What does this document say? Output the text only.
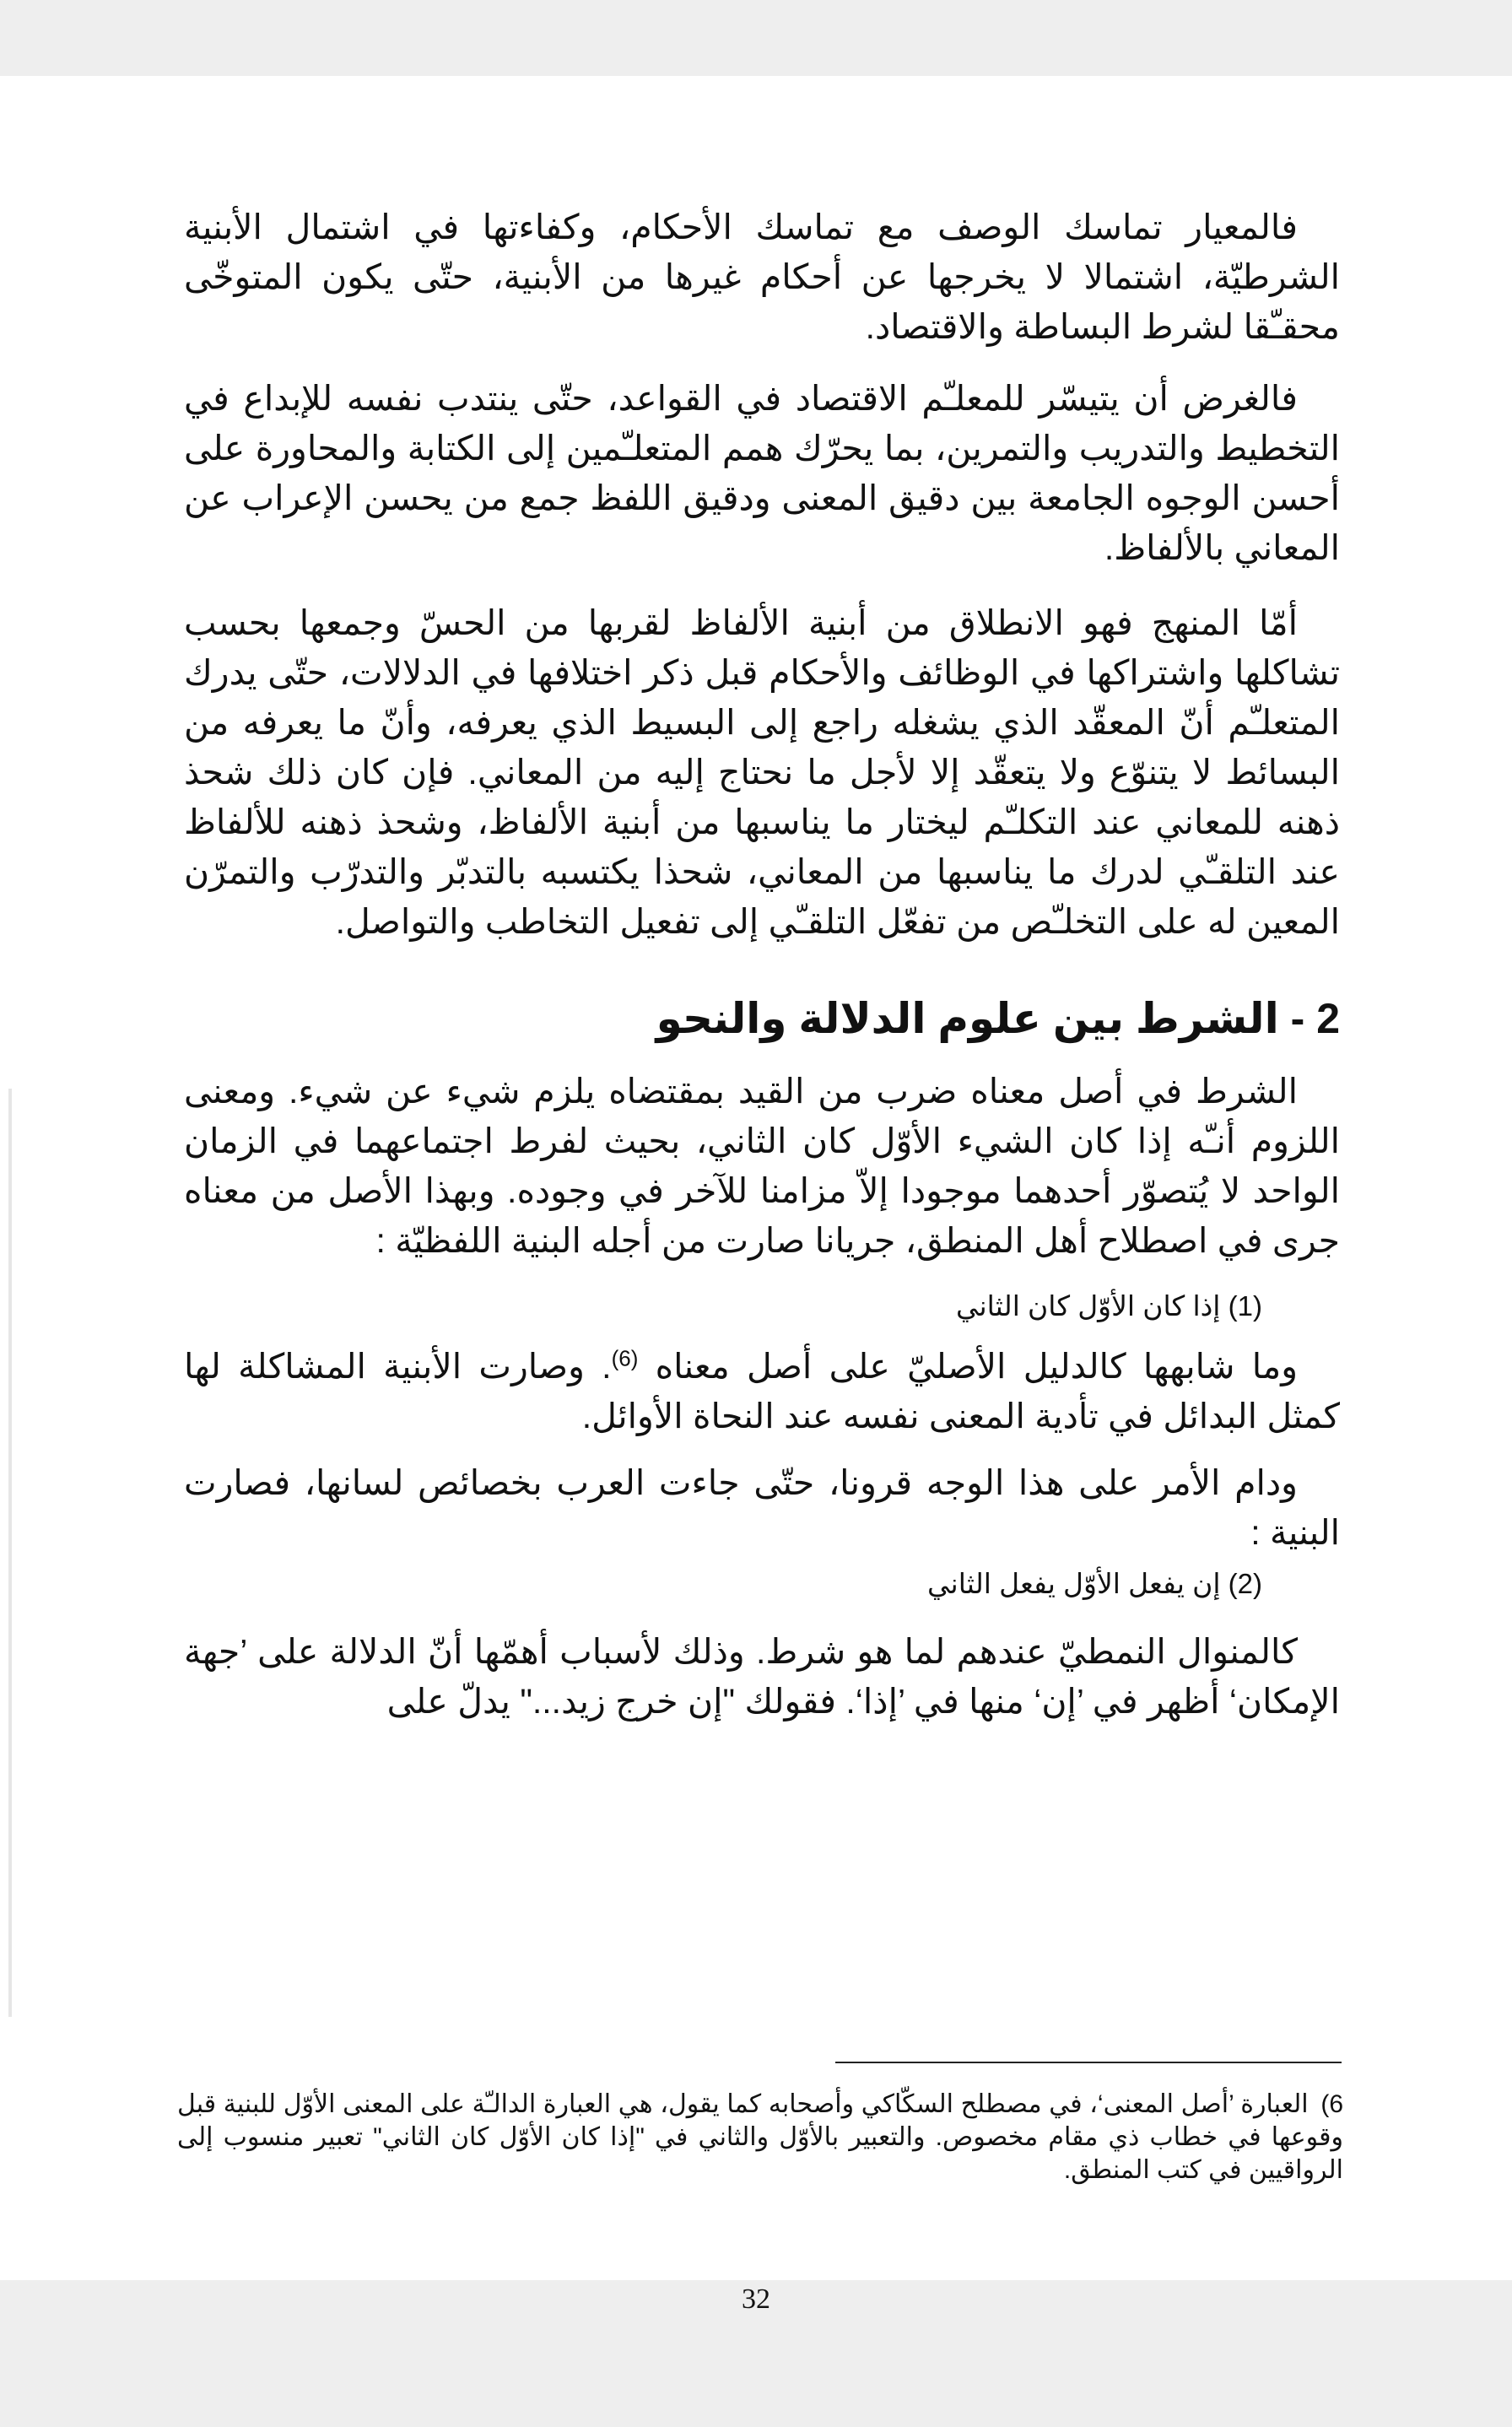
فالمعيار تماسك الوصف مع تماسك الأحكام، وكفاءتها في اشتمال الأبنية الشرطيّة، اشتمالا لا يخرجها عن أحكام غيرها من الأبنية، حتّى يكون المتوخّى محقـّقا لشرط البساطة والاقتصاد.

فالغرض أن يتيسّر للمعلـّم الاقتصاد في القواعد، حتّى ينتدب نفسه للإبداع في التخطيط والتدريب والتمرين، بما يحرّك همم المتعلـّمين إلى الكتابة والمحاورة على أحسن الوجوه الجامعة بين دقيق المعنى ودقيق اللفظ جمع من يحسن الإعراب عن المعاني بالألفاظ.

أمّا المنهج فهو الانطلاق من أبنية الألفاظ لقربها من الحسّ وجمعها بحسب تشاكلها واشتراكها في الوظائف والأحكام قبل ذكر اختلافها في الدلالات، حتّى يدرك المتعلـّم أنّ المعقّد الذي يشغله راجع إلى البسيط الذي يعرفه، وأنّ ما يعرفه من البسائط لا يتنوّع ولا يتعقّد إلا لأجل ما نحتاج إليه من المعاني. فإن كان ذلك شحذ ذهنه للمعاني عند التكلـّم ليختار ما يناسبها من أبنية الألفاظ، وشحذ ذهنه للألفاظ عند التلقـّي لدرك ما يناسبها من المعاني، شحذا يكتسبه بالتدبّر والتدرّب والتمرّن المعين له على التخلـّص من تفعّل التلقـّي إلى تفعيل التخاطب والتواصل.

2 - الشرط بين علوم الدلالة والنحو

الشرط في أصل معناه ضرب من القيد بمقتضاه يلزم شيء عن شيء. ومعنى اللزوم أنـّه إذا كان الشيء الأوّل كان الثاني، بحيث لفرط اجتماعهما في الزمان الواحد لا يُتصوّر أحدهما موجودا إلاّ مزامنا للآخر في وجوده. وبهذا الأصل من معناه جرى في اصطلاح أهل المنطق، جريانا صارت من أجله البنية اللفظيّة :

(1) إذا كان الأوّل كان الثاني

وما شابهها كالدليل الأصليّ على أصل معناه $^{(6)}$. وصارت الأبنية المشاكلة لها كمثل البدائل في تأدية المعنى نفسه عند النحاة الأوائل.

ودام الأمر على هذا الوجه قرونا، حتّى جاءت العرب بخصائص لسانها، فصارت البنية :

(2) إن يفعل الأوّل يفعل الثاني

كالمنوال النمطيّ عندهم لما هو شرط. وذلك لأسباب أهمّها أنّ الدلالة على ’جهة الإمكان‘ أظهر في ’إن‘ منها في ’إذا‘. فقولك "إن خرج زيد..." يدلّ على

6) العبارة ’أصل المعنى‘، في مصطلح السكّاكي وأصحابه كما يقول، هي العبارة الدالـّة على المعنى الأوّل للبنية قبل وقوعها في خطاب ذي مقام مخصوص. والتعبير بالأوّل والثاني في "إذا كان الأوّل كان الثاني" تعبير منسوب إلى الرواقيين في كتب المنطق.
32
